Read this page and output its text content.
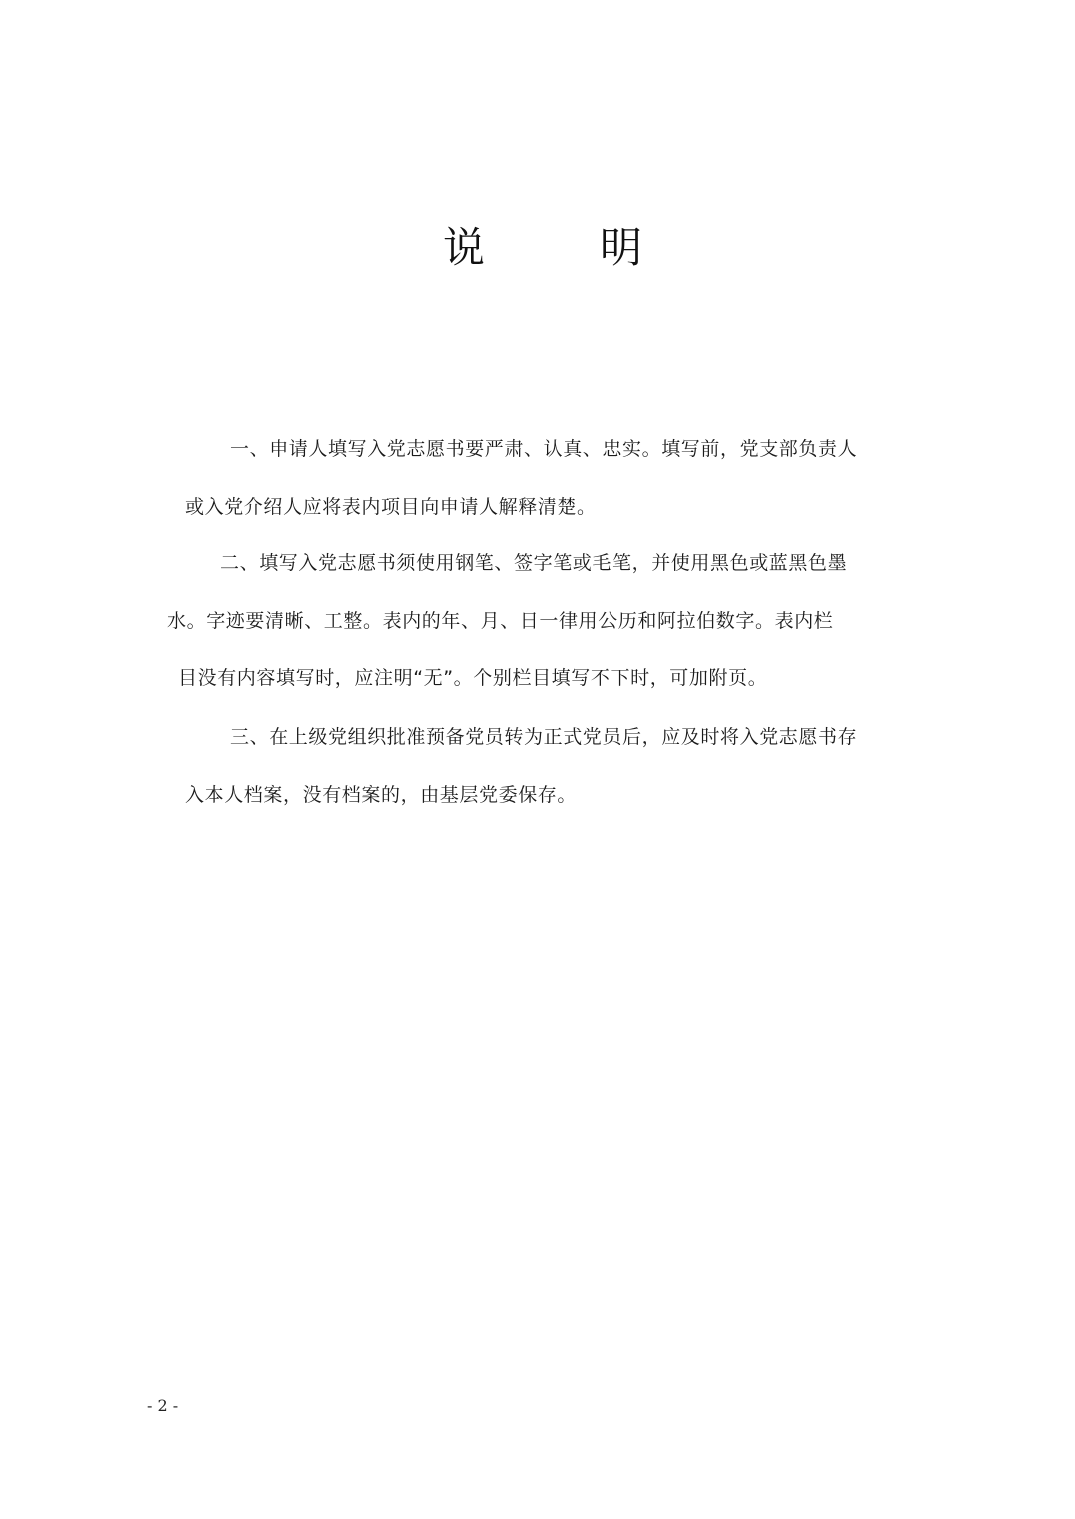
说	明
一、申请人填写入党志愿书要严肃、认真、忠实。填写前，党支部负责人
或入党介绍人应将表内项目向申请人解释清楚。
二、填写入党志愿书须使用钢笔、签字笔或毛笔，并使用黑色或蓝黑色墨
水。字迹要清晰、工整。表内的年、月、日一律用公历和阿拉伯数字。表内栏
目没有内容填写时，应注明“无”。个别栏目填写不下时，可加附页。
三、在上级党组织批准预备党员转为正式党员后，应及时将入党志愿书存
入本人档案，没有档案的，由基层党委保存。
- 2 -
